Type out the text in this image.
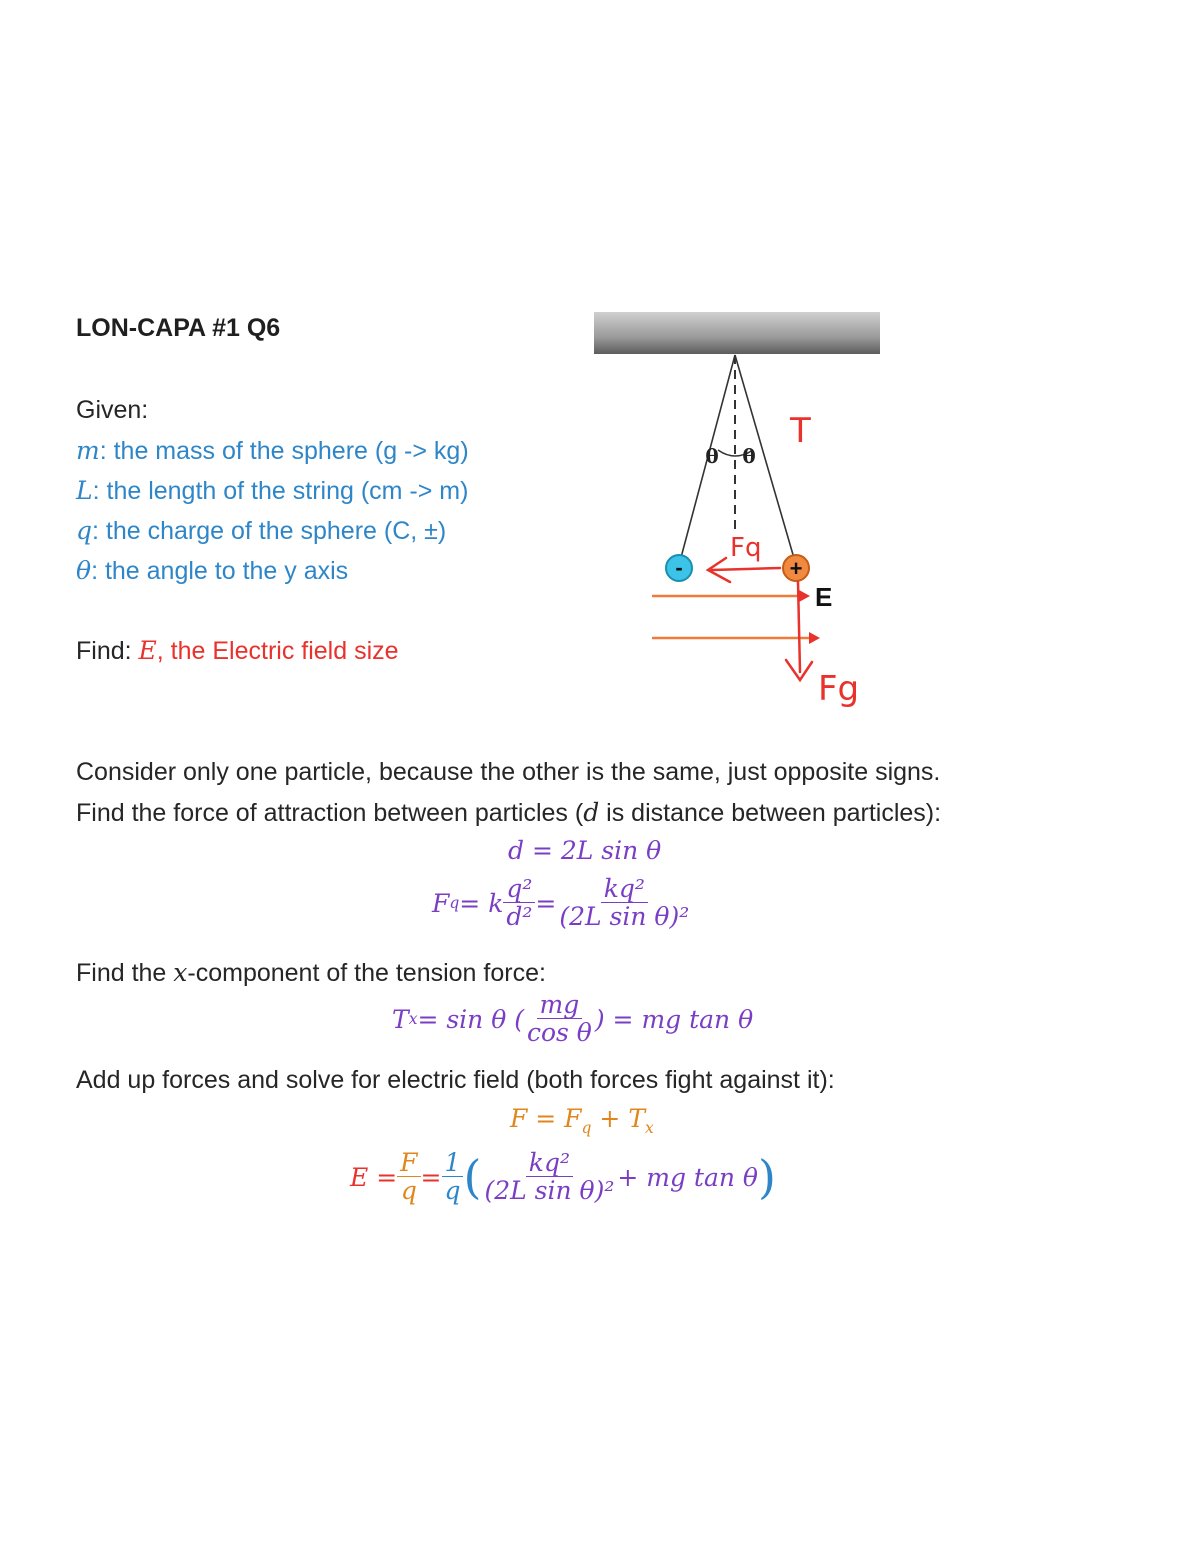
LON-CAPA #1 Q6
Given:
m: the mass of the sphere (g -> kg)
L: the length of the string (cm -> m)
q: the charge of the sphere (C, ±)
θ: the angle to the y axis
Find: E, the Electric field size
θ θ
T
E
-	+
Fq
Fg
Consider only one particle, because the other is the same, just opposite signs.
Find the force of attraction between particles (d is distance between particles):
d = 2L sin θ
F q = k $\frac{\text{q²}}{\text{d²}} = \frac{\text{kq²}}{\text{(2L sin θ)²}}$
Find the x-component of the tension force:
T x = sin θ ( $\frac{mg}{\text{cos θ}}$ ) = mg tan θ
Add up forces and solve for electric field (both forces fight against it):
$F = F_q + T_x$
$E = \frac{F}{q} = \frac{1}{q}$ ( $\frac{\text{kq²}}{\text{(2L sin θ)²}}$ + mg tan θ )
